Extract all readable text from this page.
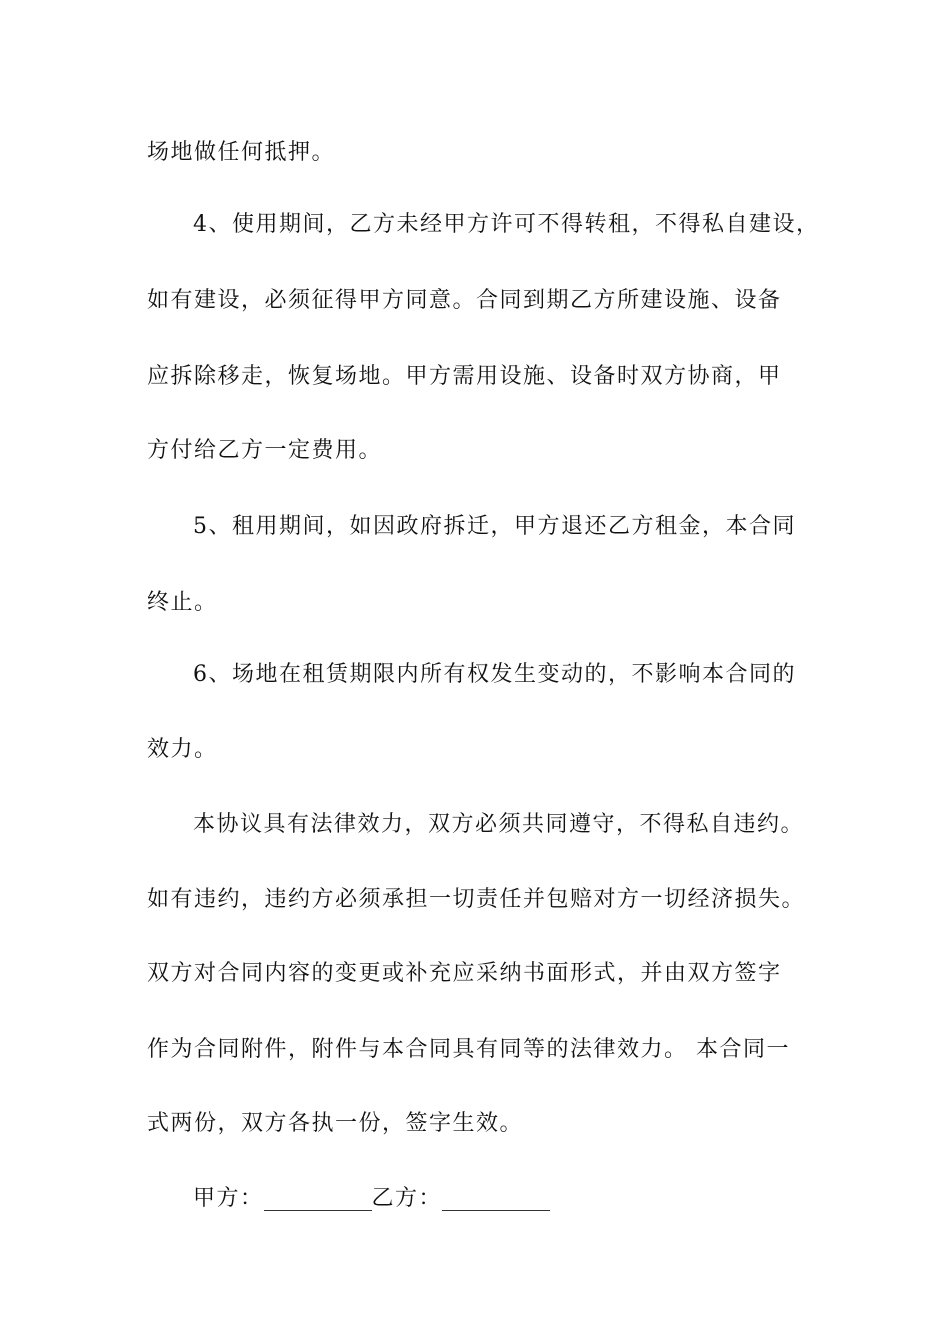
场地做任何抵押。
4、使用期间，乙方未经甲方许可不得转租，不得私自建设，
如有建设，必须征得甲方同意。合同到期乙方所建设施、设备
应拆除移走，恢复场地。甲方需用设施、设备时双方协商，甲
方付给乙方一定费用。
5、租用期间，如因政府拆迁，甲方退还乙方租金，本合同
终止。
6、场地在租赁期限内所有权发生变动的，不影响本合同的
效力。
本协议具有法律效力，双方必须共同遵守，不得私自违约。
如有违约，违约方必须承担一切责任并包赔对方一切经济损失。
双方对合同内容的变更或补充应采纳书面形式，并由双方签字
作为合同附件，附件与本合同具有同等的法律效力。 本合同一
式两份，双方各执一份，签字生效。
甲方：	乙方：
